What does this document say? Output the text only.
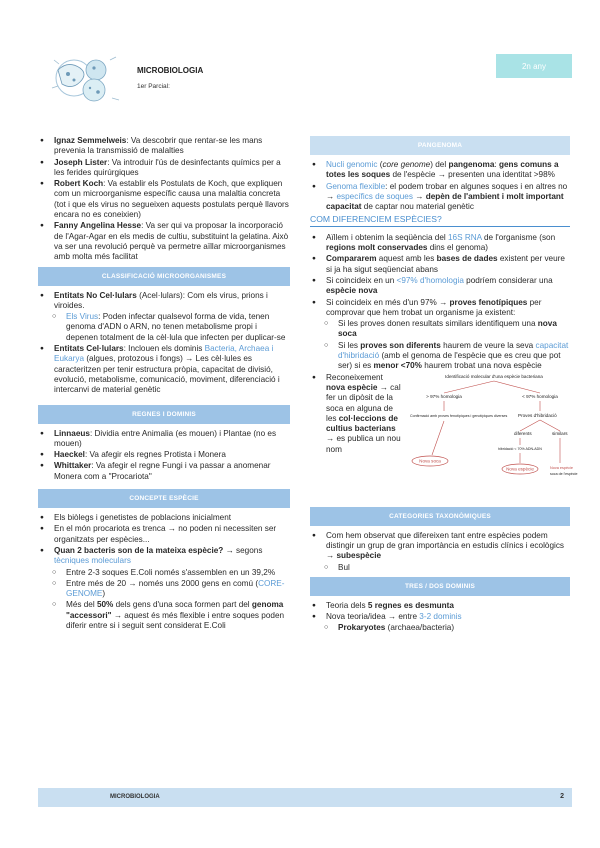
MICROBIOLOGIA
1er Parcial:
2n any
● Ignaz Semmelweis: Va descobrir que rentar-se les mans prevenia la transmissió de malalties
● Joseph Lister: Va introduir l'ús de desinfectants químics per a les ferides quirúrgiques
● Robert Koch: Va establir els Postulats de Koch, que expliquen com un microorganisme específic causa una malaltia concreta (tot i que els virus no segueixen aquests postulats perquè llavors encara no es coneixien)
● Fanny Angelina Hesse: Va ser qui va proposar la incorporació de l'Agar-Agar en els medis de cultiu, substituint la gelatina. Això va ser una revolució perquè va permetre aïllar microorganismes amb molta més facilitat
CLASSIFICACIÓ MICROORGANISMES
● Entitats No Cel·lulars (Acel·lulars): Com els virus, prions i viroides.
○ Els Virus: Poden infectar qualsevol forma de vida, tenen genoma d'ADN o ARN, no tenen metabolisme propi i depenen totalment de la cèl·lula que infecten per duplicar-se
● Entitats Cel·lulars: Inclouen els dominis Bacteria, Archaea i Eukarya (algues, protozous i fongs) → Les cèl·lules es caracteritzen per tenir estructura pròpia, capacitat de divisió, evolució, metabolisme, comunicació, moviment, diferenciació i intercanvi de material genètic
REGNES I DOMINIS
● Linnaeus: Dividia entre Animalia (es mouen) i Plantae (no es mouen)
● Haeckel: Va afegir els regnes Protista i Monera
● Whittaker: Va afegir el regne Fungi i va passar a anomenar Monera com a "Procariota"
CONCEPTE ESPÈCIE
● Els biòlegs i genetistes de poblacions inicialment
● En el món procariota es trenca → no poden ni necessiten ser organitzats per espècies...
● Quan 2 bacteris son de la mateixa espècie? → segons tècniques moleculars
○ Entre 2-3 soques E.Coli només s'assemblen en un 39,2%
○ Entre més de 20 → només uns 2000 gens en comú (CORE-GENOME)
○ Més del 50% dels gens d'una soca formen part del genoma "accessori" → aquest és més flexible i entre soques poden diferir entre si i seguit sent considerat E.Coli
PANGENOMA
● Nucli genomic (core genome) del pangenoma: gens comuns a totes les soques de l'espècie → presenten una identitat >98%
● Genoma flexible: el podem trobar en algunes soques i en altres no → específics de soques → depèn de l'ambient i molt important capacitat de captar nou material genètic
COM DIFERENCIEM ESPÈCIES?
● Aïllem i obtenim la seqüència del 16S RNA de l'organisme (son regions molt conservades dins el genoma)
● Compararem aquest amb les bases de dades existent per veure si ja ha sigut seqüenciat abans
● Si coincideix en un <97% d'homologia podríem considerar una espècie nova
● Si coincideix en més d'un 97% → proves fenotípiques per comprovar que hem trobat un organisme ja existent:
○ Si les proves donen resultats similars identifiquem una nova soca
○ Si les proves son diferents haurem de veure la seva capacitat d'hibridació (amb el genoma de l'espècie que es creu que pot ser) si es menor <70% haurem trobat una nova espècie
● Reconeixement nova espècie → cal fer un dipòsit de la soca en alguna de les col·leccions de cultius bacterians → es publica un nou nom
Identificació molecular d'una espècie bacteriana
> 97% homologia	< 97% homologia
Confirmació amb proves fenotípiques i genotípiques diverses Proves d'hibridació
diferents	similars
hibridació < 70% ADN-ADN
Nova soca
Nova espècie	Nova espècie
soca de l'espècie
CATEGORIES TAXONÒMIQUES
● Com hem observat que difereixen tant entre espècies podem distingir un grup de gran importància en estudis clínics i ecològics → subespècie
○ Bul
TRES / DOS DOMINIS
● Teoria dels 5 regnes es desmunta
● Nova teoria/idea → entre 3-2 dominis
○ Prokaryotes (archaea/bacteria)
MICROBIOLOGIA	2
